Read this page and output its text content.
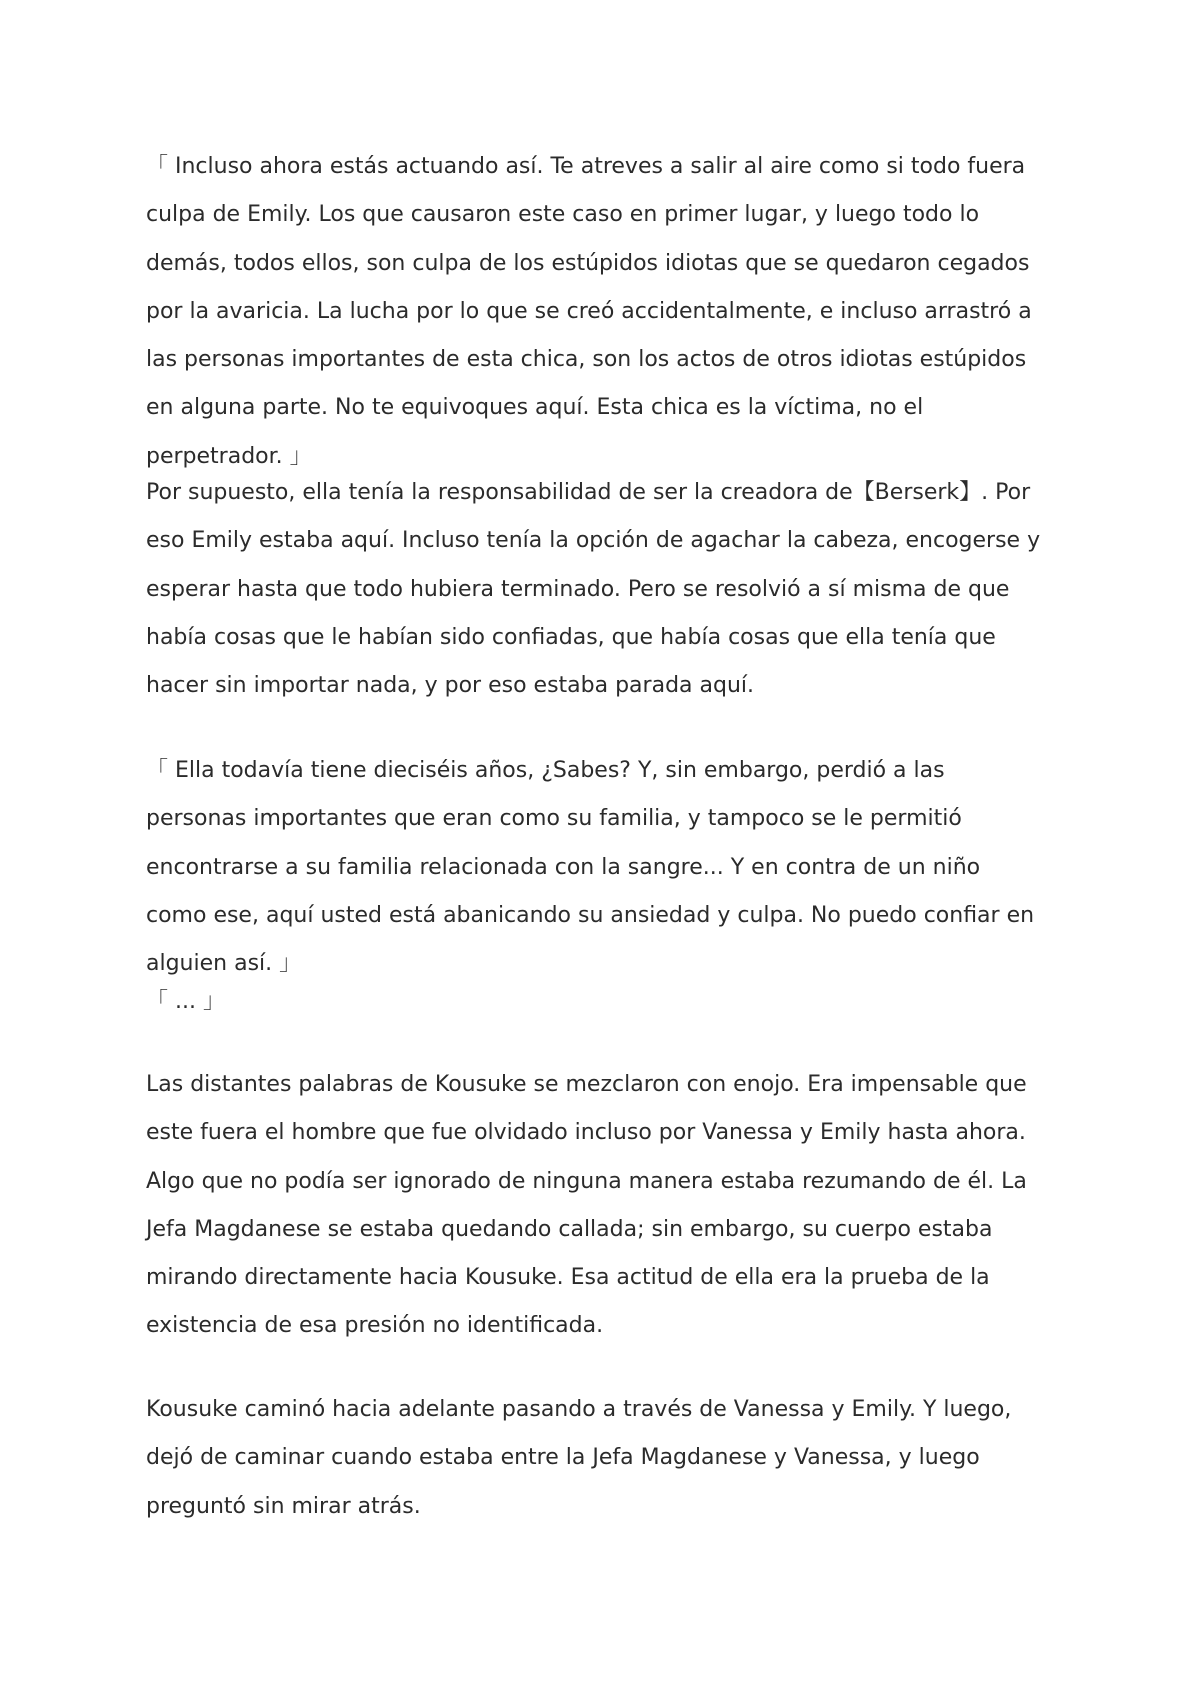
「 Incluso ahora estás actuando así. Te atreves a salir al aire como si todo fuera culpa de Emily. Los que causaron este caso en primer lugar, y luego todo lo demás, todos ellos, son culpa de los estúpidos idiotas que se quedaron cegados por la avaricia. La lucha por lo que se creó accidentalmente, e incluso arrastró a las personas importantes de esta chica, son los actos de otros idiotas estúpidos en alguna parte. No te equivoques aquí. Esta chica es la víctima, no el perpetrador. 」

Por supuesto, ella tenía la responsabilidad de ser la creadora de【Berserk】. Por eso Emily estaba aquí. Incluso tenía la opción de agachar la cabeza, encogerse y esperar hasta que todo hubiera terminado. Pero se resolvió a sí misma de que había cosas que le habían sido confiadas, que había cosas que ella tenía que hacer sin importar nada, y por eso estaba parada aquí.

「 Ella todavía tiene dieciséis años, ¿Sabes? Y, sin embargo, perdió a las personas importantes que eran como su familia, y tampoco se le permitió encontrarse a su familia relacionada con la sangre... Y en contra de un niño como ese, aquí usted está abanicando su ansiedad y culpa. No puedo confiar en alguien así. 」

「 ... 」

Las distantes palabras de Kousuke se mezclaron con enojo. Era impensable que este fuera el hombre que fue olvidado incluso por Vanessa y Emily hasta ahora. Algo que no podía ser ignorado de ninguna manera estaba rezumando de él. La Jefa Magdanese se estaba quedando callada; sin embargo, su cuerpo estaba mirando directamente hacia Kousuke. Esa actitud de ella era la prueba de la existencia de esa presión no identificada.

Kousuke caminó hacia adelante pasando a través de Vanessa y Emily. Y luego, dejó de caminar cuando estaba entre la Jefa Magdanese y Vanessa, y luego preguntó sin mirar atrás.
